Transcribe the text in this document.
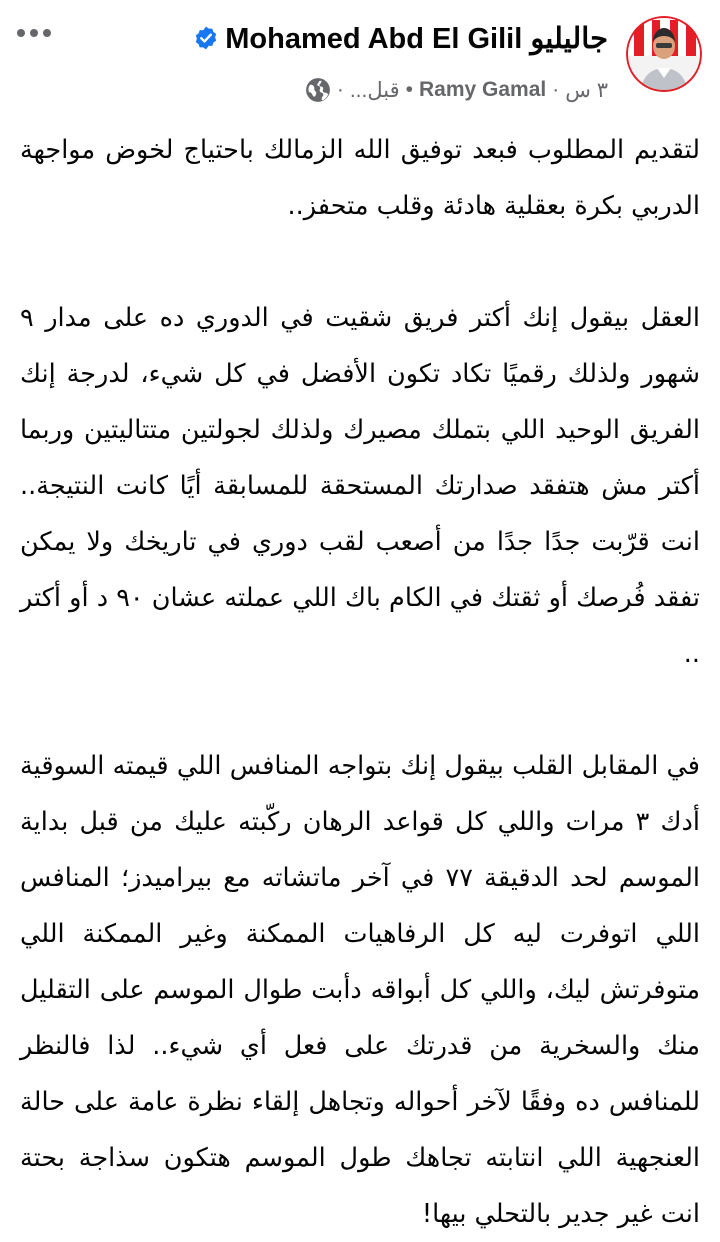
Mohamed Abd El Gilil جاليليو
٣ س
·
Ramy Gamal
•
قبل...
·

لتقديم المطلوب فبعد توفيق الله الزمالك باحتياج لخوض مواجهة الدربي بكرة بعقلية هادئة وقلب متحفز..

العقل بيقول إنك أكتر فريق شقيت في الدوري ده على مدار ٩ شهور ولذلك رقميًا تكاد تكون الأفضل في كل شيء، لدرجة إنك الفريق الوحيد اللي بتملك مصيرك ولذلك لجولتين متتاليتين وربما أكتر مش هتفقد صدارتك المستحقة للمسابقة أيًا كانت النتيجة.. انت قرّبت جدًا جدًا من أصعب لقب دوري في تاريخك ولا يمكن تفقد فُرصك أو ثقتك في الكام باك اللي عملته عشان ٩٠ د أو أكتر ..

في المقابل القلب بيقول إنك بتواجه المنافس اللي قيمته السوقية أدك ٣ مرات واللي كل قواعد الرهان ركّبته عليك من قبل بداية الموسم لحد الدقيقة ٧٧ في آخر ماتشاته مع بيراميدز؛ المنافس اللي اتوفرت ليه كل الرفاهيات الممكنة وغير الممكنة اللي متوفرتش ليك، واللي كل أبواقه دأبت طوال الموسم على التقليل منك والسخرية من قدرتك على فعل أي شيء.. لذا فالنظر للمنافس ده وفقًا لآخر أحواله وتجاهل إلقاء نظرة عامة على حالة العنجهية اللي انتابته تجاهك طول الموسم هتكون سذاجة بحتة انت غير جدير بالتحلي بيها!
